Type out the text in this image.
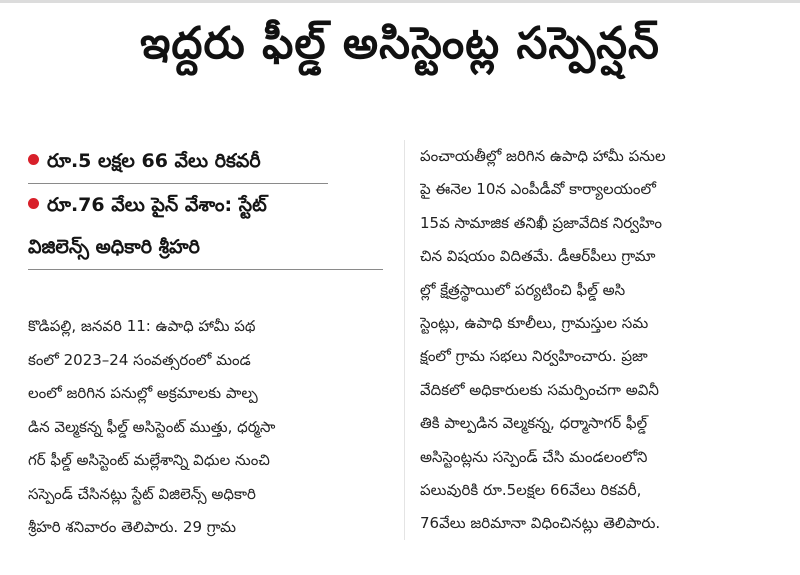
ఇద్దరు ఫీల్డ్ అసిస్టెంట్ల సస్పెన్షన్
రూ.5 లక్షల 66 వేలు రికవరీ
రూ.76 వేలు పైన్ వేశాం: స్టేట్
విజిలెన్స్ అధికారి శ్రీహరి
కొడిపల్లి, జనవరి 11: ఉపాధి హామీ పథ
కంలో 2023–24 సంవత్సరంలో మండ
లంలో జరిగిన పనుల్లో అక్రమాలకు పాల్ప
డిన వెల్మకన్న ఫీల్డ్ అసిస్టెంట్ ముత్తు, ధర్మసా
గర్ ఫీల్డ్ అసిస్టెంట్ మల్లేశాన్ని విధుల నుంచి
సస్పెండ్ చేసినట్లు స్టేట్ విజిలెన్స్ అధికారి
శ్రీహరి శనివారం తెలిపారు. 29 గ్రామ
పంచాయతీల్లో జరిగిన ఉపాధి హామీ పనుల
పై ఈనెల 10న ఎంపీడీవో కార్యాలయంలో
15వ సామాజిక తనిఖీ ప్రజావేదిక నిర్వహిం
చిన విషయం విదితమే. డీఆర్‌పీలు గ్రామా
ల్లో క్షేత్రస్థాయిలో పర్యటించి ఫీల్డ్ అసి
స్టెంట్లు, ఉపాధి కూలీలు, గ్రామస్తుల సమ
క్షంలో గ్రామ సభలు నిర్వహించారు. ప్రజా
వేదికలో అధికారులకు సమర్పించగా అవినీ
తికి పాల్పడిన వెల్మకన్న, ధర్మాసాగర్ ఫీల్డ్
అసిస్టెంట్లను సస్పెండ్ చేసి మండలంలోని
పలువురికి రూ.5లక్షల 66వేలు రికవరీ,
76వేలు జరిమానా విధించినట్లు తెలిపారు.
